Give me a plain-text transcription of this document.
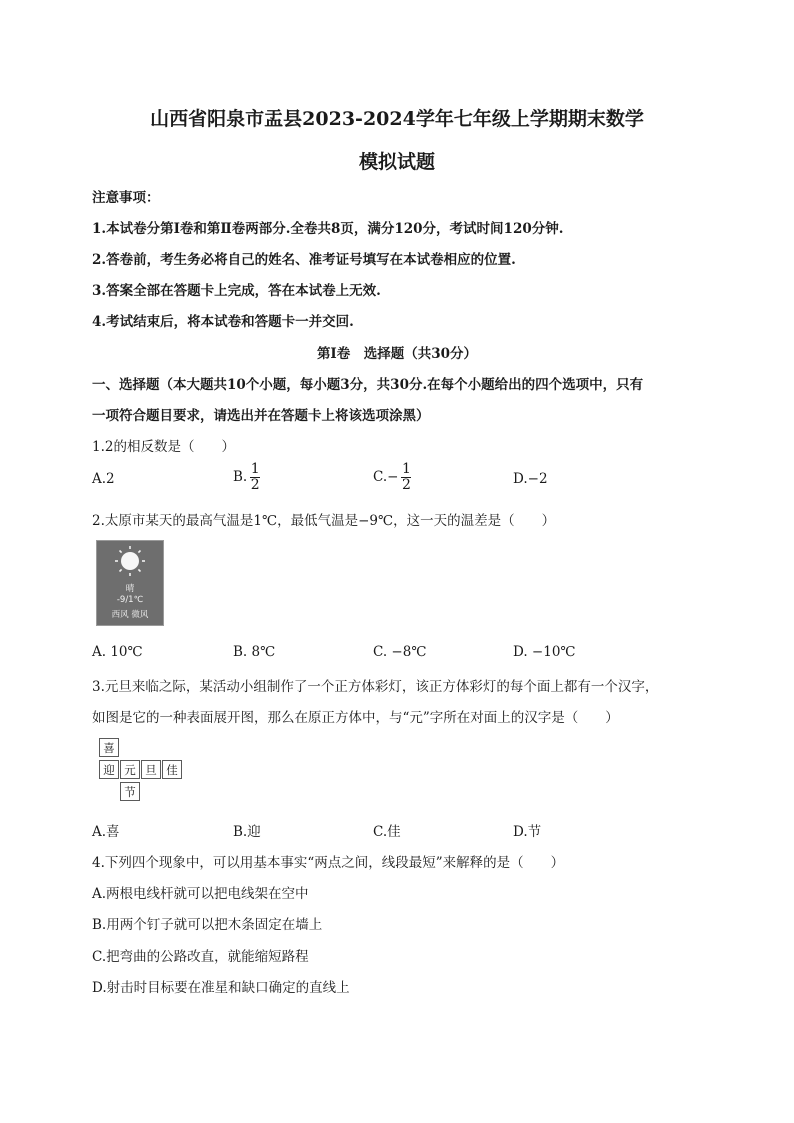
山西省阳泉市盂县2023-2024学年七年级上学期期末数学
模拟试题
注意事项：
1.本试卷分第Ⅰ卷和第Ⅱ卷两部分.全卷共8页，满分120分，考试时间120分钟.
2.答卷前，考生务必将自己的姓名、准考证号填写在本试卷相应的位置.
3.答案全部在答题卡上完成，答在本试卷上无效.
4.考试结束后，将本试卷和答题卡一并交回.
第Ⅰ卷　选择题（共30分）
一、选择题（本大题共10个小题，每小题3分，共30分.在每个小题给出的四个选项中，只有
一项符合题目要求，请选出并在答题卡上将该选项涂黑）
1.2的相反数是（　　）
A.2	B. $\frac{1}{2}$	$C.- \frac{1}{2}$	D.−2
2.太原市某天的最高气温是1℃，最低气温是−9℃，这一天的温差是（　　）
晴
-9/1℃
西风 微风
A. 10℃	B. 8℃	C. −8℃	D. −10℃
3.元旦来临之际，某活动小组制作了一个正方体彩灯，该正方体彩灯的每个面上都有一个汉字，
如图是它的一种表面展开图，那么在原正方体中，与“元”字所在对面上的汉字是（　　）
喜
迎 元 旦 佳
节
A.喜	B.迎	C.佳	D.节
4.下列四个现象中，可以用基本事实“两点之间，线段最短”来解释的是（　　）
A.两根电线杆就可以把电线架在空中
B.用两个钉子就可以把木条固定在墙上
C.把弯曲的公路改直，就能缩短路程
D.射击时目标要在准星和缺口确定的直线上
